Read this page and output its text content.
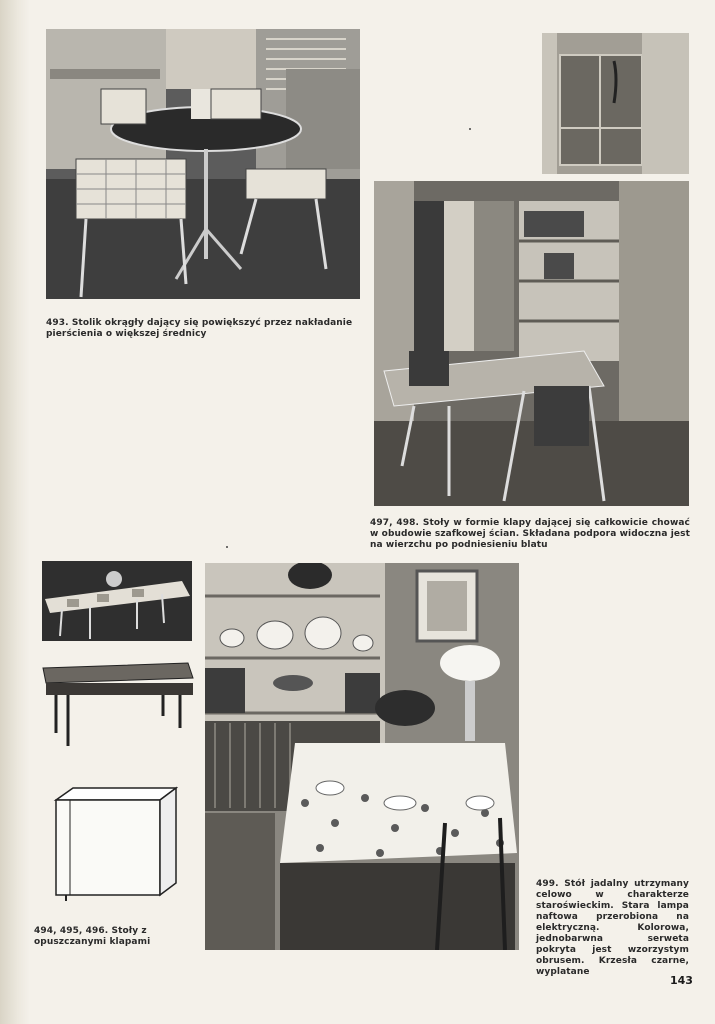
493. Stolik okrągły dający się powiększyć przez nakładanie pierścienia o większej średnicy
497, 498. Stoły w formie klapy dającej się całkowicie chować w obudowie szafkowej ścian. Składana podpora widoczna jest na wierzchu po podniesieniu blatu
494, 495, 496. Stoły z opuszczanymi klapami
499. Stół jadalny utrzymany celowo w charakterze staroświeckim. Stara lampa naftowa przerobiona na elektryczną. Kolorowa, jednobarwna serweta pokryta jest wzorzystym obrusem. Krzesła czarne, wyplatane
143
